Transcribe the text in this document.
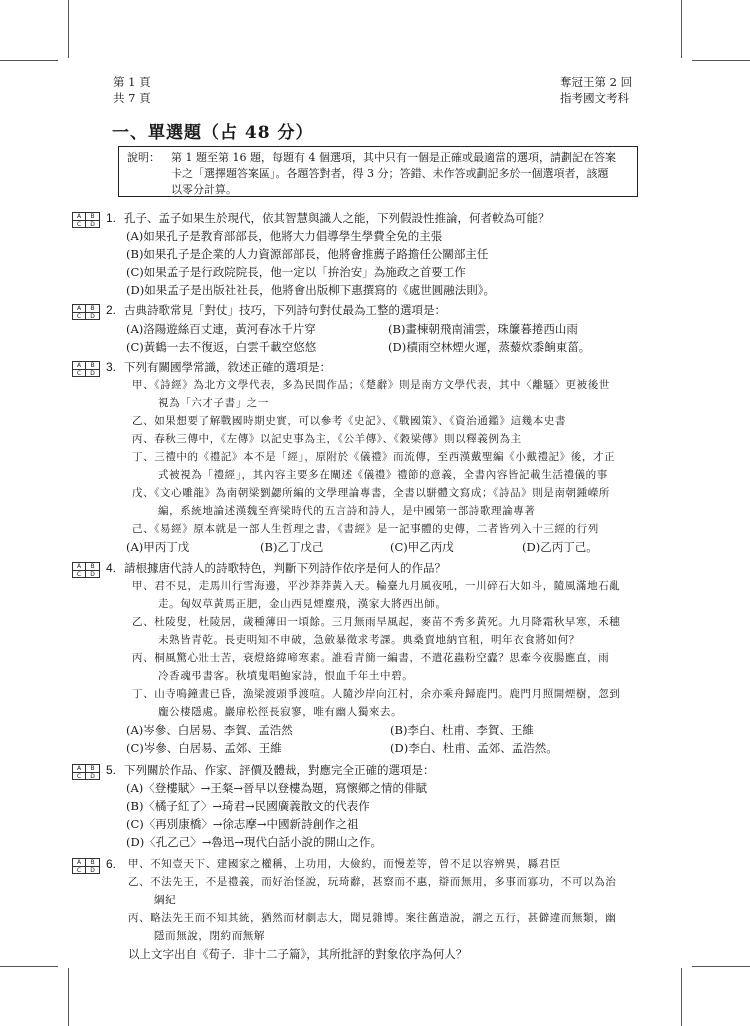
第 1 頁
共 7 頁
奪冠王第 2 回
指考國文考科
一、單選題（占 48 分）
說明： 第 1 題至第 16 題，每題有 4 個選項，其中只有一個是正確或最適當的選項，請劃記在答案
卡之「選擇題答案區」。各題答對者，得 3 分；答錯、未作答或劃記多於一個選項者，該題
以零分計算。
A	B
C	D 1. 孔子、孟子如果生於現代，依其智慧與識人之能，下列假設性推論，何者較為可能？
(A)如果孔子是教育部部長，他將大力倡導學生學費全免的主張
(B)如果孔子是企業的人力資源部部長，他將會推薦子路擔任公關部主任
(C)如果孟子是行政院院長，他一定以「拚治安」為施政之首要工作
(D)如果孟子是出版社社長，他將會出版柳下惠撰寫的《處世圓融法則》。
A	B
C	D 2. 古典詩歌常見「對仗」技巧，下列詩句對仗最為工整的選項是：
(A)洛陽遊絲百丈連，黃河春冰千片穿	(B)畫棟朝飛南浦雲，珠簾暮捲西山雨
(C)黃鶴一去不復返，白雲千載空悠悠	(D)積雨空林煙火遲，蒸藜炊黍餉東菑。
A	B
C	D 3. 下列有關國學常識，敘述正確的選項是：
甲、《詩經》為北方文學代表，多為民間作品；《楚辭》則是南方文學代表，其中〈離騷〉更被後世
視為「六才子書」之一
乙、如果想要了解戰國時期史實，可以參考《史記》、《戰國策》、《資治通鑑》這幾本史書
丙、春秋三傳中，《左傳》以記史事為主，《公羊傳》、《穀梁傳》則以釋義例為主
丁、三禮中的《禮記》本不是「經」，原附於《儀禮》而流傳，至西漢戴聖編《小戴禮記》後，才正
式被視為「禮經」，其內容主要多在闡述《儀禮》禮節的意義，全書內容皆記載生活禮儀的事
戊、《文心雕龍》為南朝梁劉勰所編的文學理論專書，全書以駢體文寫成；《詩品》則是南朝鍾嶸所
編，系統地論述漢魏至齊梁時代的五言詩和詩人，是中國第一部詩歌理論專著
己、《易經》原本就是一部人生哲理之書，《書經》是一記事體的史傳，二者皆列入十三經的行列
(A)甲丙丁戊	(B)乙丁戊己	(C)甲乙丙戊	(D)乙丙丁己。
A	B
C	D 4. 請根據唐代詩人的詩歌特色，判斷下列詩作依序是何人的作品？
甲、君不見，走馬川行雪海邊，平沙莽莽黃入天。輪臺九月風夜吼，一川碎石大如斗，隨風滿地石亂
走。匈奴草黃馬正肥，金山西見煙塵飛，漢家大將西出師。
乙、杜陵叟，杜陵居，歲種薄田一頃餘。三月無雨旱風起，麥苗不秀多黃死。九月降霜秋早寒，禾穗
未熟皆青乾。長吏明知不申破，急斂暴徵求考課。典桑賣地納官租，明年衣食將如何？
丙、桐風驚心壯士苦，衰燈絡緯啼寒素。誰看青簡一編書，不遣花蟲粉空蠹？思牽今夜腸應直，雨
冷香魂弔書客。秋墳鬼唱鮑家詩，恨血千年土中碧。
丁、山寺鳴鐘晝已昏，漁梁渡頭爭渡喧。人隨沙岸向江村，余亦乘舟歸鹿門。鹿門月照開煙樹，忽到
龐公棲隱處。巖扉松徑長寂寥，唯有幽人獨來去。
(A)岑參、白居易、李賀、孟浩然	(B)李白、杜甫、李賀、王維
(C)岑參、白居易、孟郊、王維	(D)李白、杜甫、孟郊、孟浩然。
A	B
C	D 5. 下列關於作品、作家、評價及體裁，對應完全正確的選項是：
(A)〈登樓賦〉→王粲→晉早以登樓為題，寫懷鄉之情的俳賦
(B)〈橘子紅了〉→琦君→民國廣義散文的代表作
(C)〈再別康橋〉→徐志摩→中國新詩創作之祖
(D)〈孔乙己〉→魯迅→現代白話小說的開山之作。
A	B
C	D 6. 甲、不知壹天下、建國家之權稱，上功用，大儉約，而慢差等，曾不足以容辨異，縣君臣
乙、不法先王，不是禮義，而好治怪說，玩琦辭，甚察而不惠，辯而無用，多事而寡功，不可以為治
綱紀
丙、略法先王而不知其統，猶然而材劇志大，聞見雜博。案往舊造說，謂之五行，甚僻違而無類，幽
隱而無說，閉約而無解
以上文字出自《荀子．非十二子篇》，其所批評的對象依序為何人？
